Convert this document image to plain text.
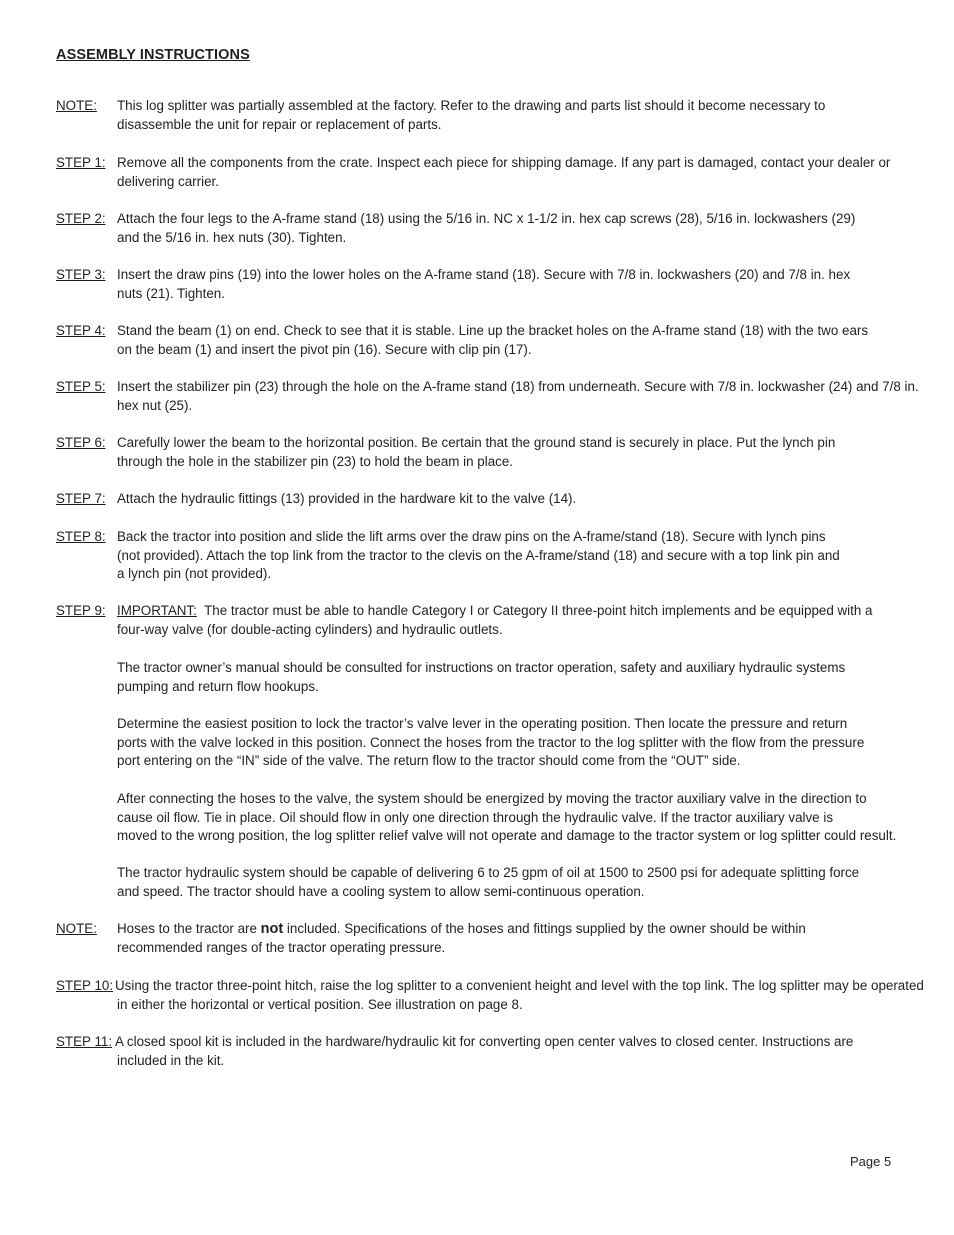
ASSEMBLY INSTRUCTIONS
NOTE: This log splitter was partially assembled at the factory. Refer to the drawing and parts list should it become necessary to
disassemble the unit for repair or replacement of parts.
STEP 1: Remove all the components from the crate. Inspect each piece for shipping damage. If any part is damaged, contact your dealer or
delivering carrier.
STEP 2: Attach the four legs to the A-frame stand (18) using the 5/16 in. NC x 1-1/2 in. hex cap screws (28), 5/16 in. lockwashers (29)
and the 5/16 in. hex nuts (30). Tighten.
STEP 3: Insert the draw pins (19) into the lower holes on the A-frame stand (18). Secure with 7/8 in. lockwashers (20) and 7/8 in. hex
nuts (21). Tighten.
STEP 4: Stand the beam (1) on end. Check to see that it is stable. Line up the bracket holes on the A-frame stand (18) with the two ears
on the beam (1) and insert the pivot pin (16). Secure with clip pin (17).
STEP 5: Insert the stabilizer pin (23) through the hole on the A-frame stand (18) from underneath. Secure with 7/8 in. lockwasher (24) and 7/8 in.
hex nut (25).
STEP 6: Carefully lower the beam to the horizontal position. Be certain that the ground stand is securely in place. Put the lynch pin
through the hole in the stabilizer pin (23) to hold the beam in place.
STEP 7: Attach the hydraulic fittings (13) provided in the hardware kit to the valve (14).
STEP 8: Back the tractor into position and slide the lift arms over the draw pins on the A-frame/stand (18). Secure with lynch pins
(not provided). Attach the top link from the tractor to the clevis on the A-frame/stand (18) and secure with a top link pin and
a lynch pin (not provided).
STEP 9: IMPORTANT: The tractor must be able to handle Category I or Category II three-point hitch implements and be equipped with a
four-way valve (for double-acting cylinders) and hydraulic outlets.
The tractor owner’s manual should be consulted for instructions on tractor operation, safety and auxiliary hydraulic systems
pumping and return flow hookups.
Determine the easiest position to lock the tractor’s valve lever in the operating position. Then locate the pressure and return
ports with the valve locked in this position. Connect the hoses from the tractor to the log splitter with the flow from the pressure
port entering on the “IN” side of the valve. The return flow to the tractor should come from the “OUT” side.
After connecting the hoses to the valve, the system should be energized by moving the tractor auxiliary valve in the direction to
cause oil flow. Tie in place. Oil should flow in only one direction through the hydraulic valve. If the tractor auxiliary valve is
moved to the wrong position, the log splitter relief valve will not operate and damage to the tractor system or log splitter could result.
The tractor hydraulic system should be capable of delivering 6 to 25 gpm of oil at 1500 to 2500 psi for adequate splitting force
and speed. The tractor should have a cooling system to allow semi-continuous operation.
NOTE: Hoses to the tractor are not included. Specifications of the hoses and fittings supplied by the owner should be within
recommended ranges of the tractor operating pressure.
STEP 10: Using the tractor three-point hitch, raise the log splitter to a convenient height and level with the top link. The log splitter may be operated
in either the horizontal or vertical position. See illustration on page 8.
STEP 11: A closed spool kit is included in the hardware/hydraulic kit for converting open center valves to closed center. Instructions are
included in the kit.
Page 5
